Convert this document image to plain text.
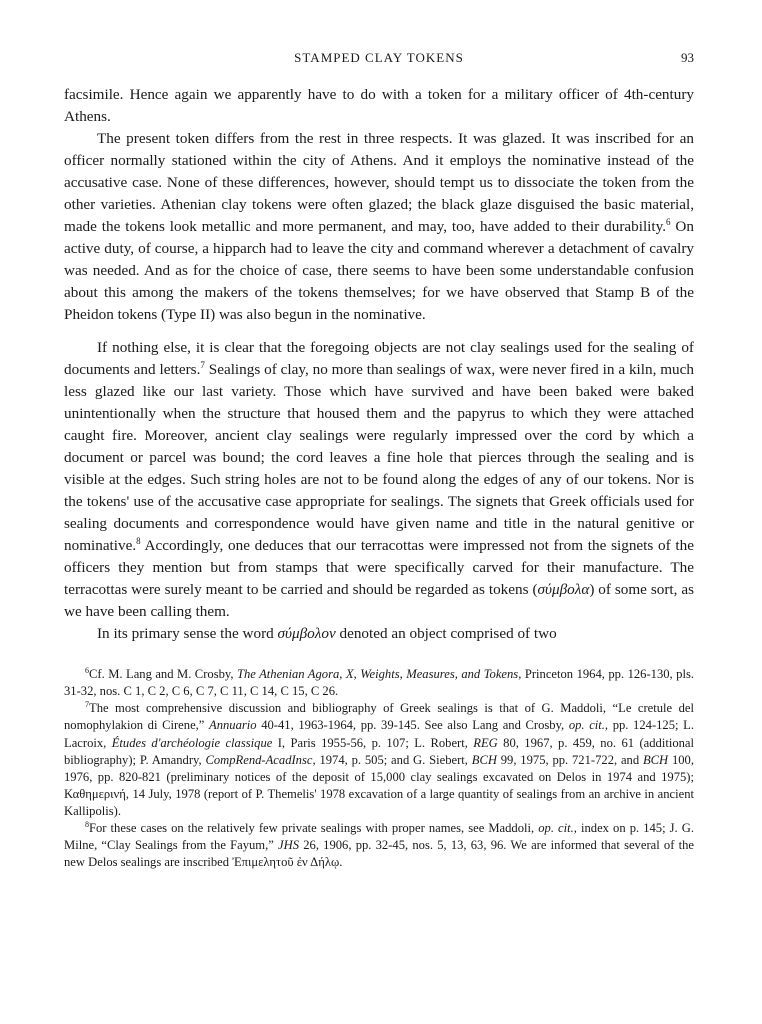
STAMPED CLAY TOKENS	93

facsimile. Hence again we apparently have to do with a token for a military officer of 4th-century Athens.

The present token differs from the rest in three respects. It was glazed. It was inscribed for an officer normally stationed within the city of Athens. And it employs the nominative instead of the accusative case. None of these differences, however, should tempt us to dissociate the token from the other varieties. Athenian clay tokens were often glazed; the black glaze disguised the basic material, made the tokens look metallic and more permanent, and may, too, have added to their durability.$^6$ On active duty, of course, a hipparch had to leave the city and command wherever a detachment of cavalry was needed. And as for the choice of case, there seems to have been some understandable confusion about this among the makers of the tokens themselves; for we have observed that Stamp B of the Pheidon tokens (Type II) was also begun in the nominative.

If nothing else, it is clear that the foregoing objects are not clay sealings used for the sealing of documents and letters.$^7$ Sealings of clay, no more than sealings of wax, were never fired in a kiln, much less glazed like our last variety. Those which have survived and have been baked were baked unintentionally when the structure that housed them and the papyrus to which they were attached caught fire. Moreover, ancient clay sealings were regularly impressed over the cord by which a document or parcel was bound; the cord leaves a fine hole that pierces through the sealing and is visible at the edges. Such string holes are not to be found along the edges of any of our tokens. Nor is the tokens' use of the accusative case appropriate for sealings. The signets that Greek officials used for sealing documents and correspondence would have given name and title in the natural genitive or nominative.$^8$ Accordingly, one deduces that our terracottas were impressed not from the signets of the officers they mention but from stamps that were specifically carved for their manufacture. The terracottas were surely meant to be carried and should be regarded as tokens (σύμβολα) of some sort, as we have been calling them.

In its primary sense the word σύμβολον denoted an object comprised of two

$^6$Cf. M. Lang and M. Crosby, The Athenian Agora, X, Weights, Measures, and Tokens, Princeton 1964, pp. 126-130, pls. 31-32, nos. C 1, C 2, C 6, C 7, C 11, C 14, C 15, C 26.

$^7$The most comprehensive discussion and bibliography of Greek sealings is that of G. Maddoli, “Le cretule del nomophylakion di Cirene,” Annuario 40-41, 1963-1964, pp. 39-145. See also Lang and Crosby, op. cit., pp. 124-125; L. Lacroix, Études d'archéologie classique I, Paris 1955-56, p. 107; L. Robert, REG 80, 1967, p. 459, no. 61 (additional bibliography); P. Amandry, CompRend-AcadInsc, 1974, p. 505; and G. Siebert, BCH 99, 1975, pp. 721-722, and BCH 100, 1976, pp. 820-821 (preliminary notices of the deposit of 15,000 clay sealings excavated on Delos in 1974 and 1975); Καθημερινή, 14 July, 1978 (report of P. Themelis' 1978 excavation of a large quantity of sealings from an archive in ancient Kallipolis).

$^8$For these cases on the relatively few private sealings with proper names, see Maddoli, op. cit., index on p. 145; J. G. Milne, “Clay Sealings from the Fayum,” JHS 26, 1906, pp. 32-45, nos. 5, 13, 63, 96. We are informed that several of the new Delos sealings are inscribed Ἐπιμελητοῦ ἐν Δήλῳ.
